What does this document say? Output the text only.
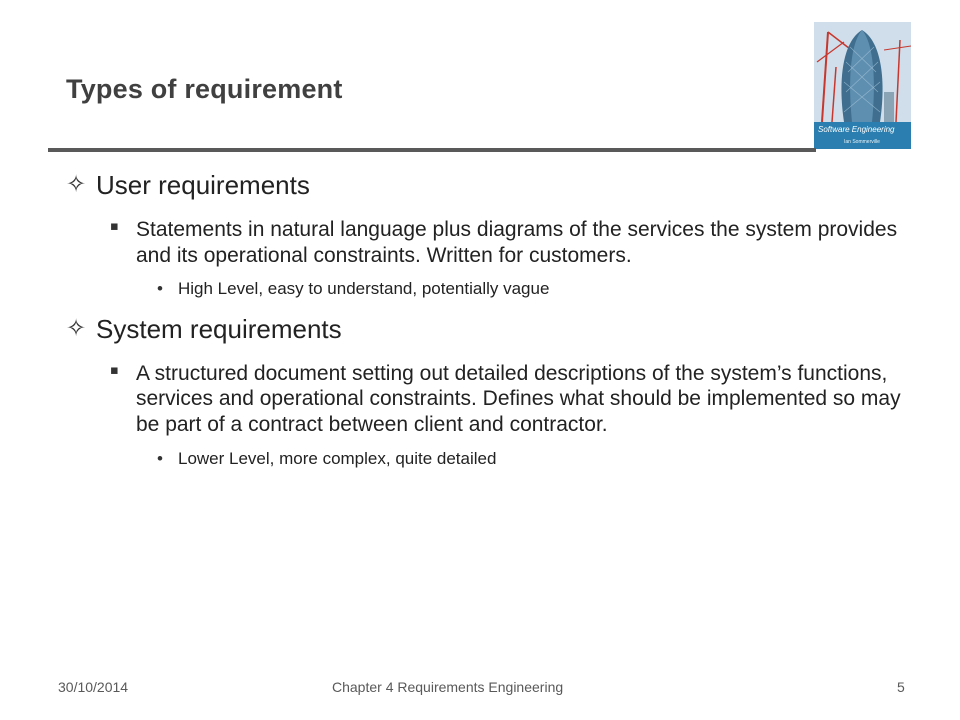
Types of requirement
Software Engineering
Ian Sommerville
✧ User requirements
▪ Statements in natural language plus diagrams of the services the system provides and its operational constraints. Written for customers.
• High Level, easy to understand, potentially vague
✧ System requirements
▪ A structured document setting out detailed descriptions of the system’s functions, services and operational constraints. Defines what should be implemented so may be part of a contract between client and contractor.
• Lower Level, more complex, quite detailed
30/10/2014	Chapter 4 Requirements Engineering	5
